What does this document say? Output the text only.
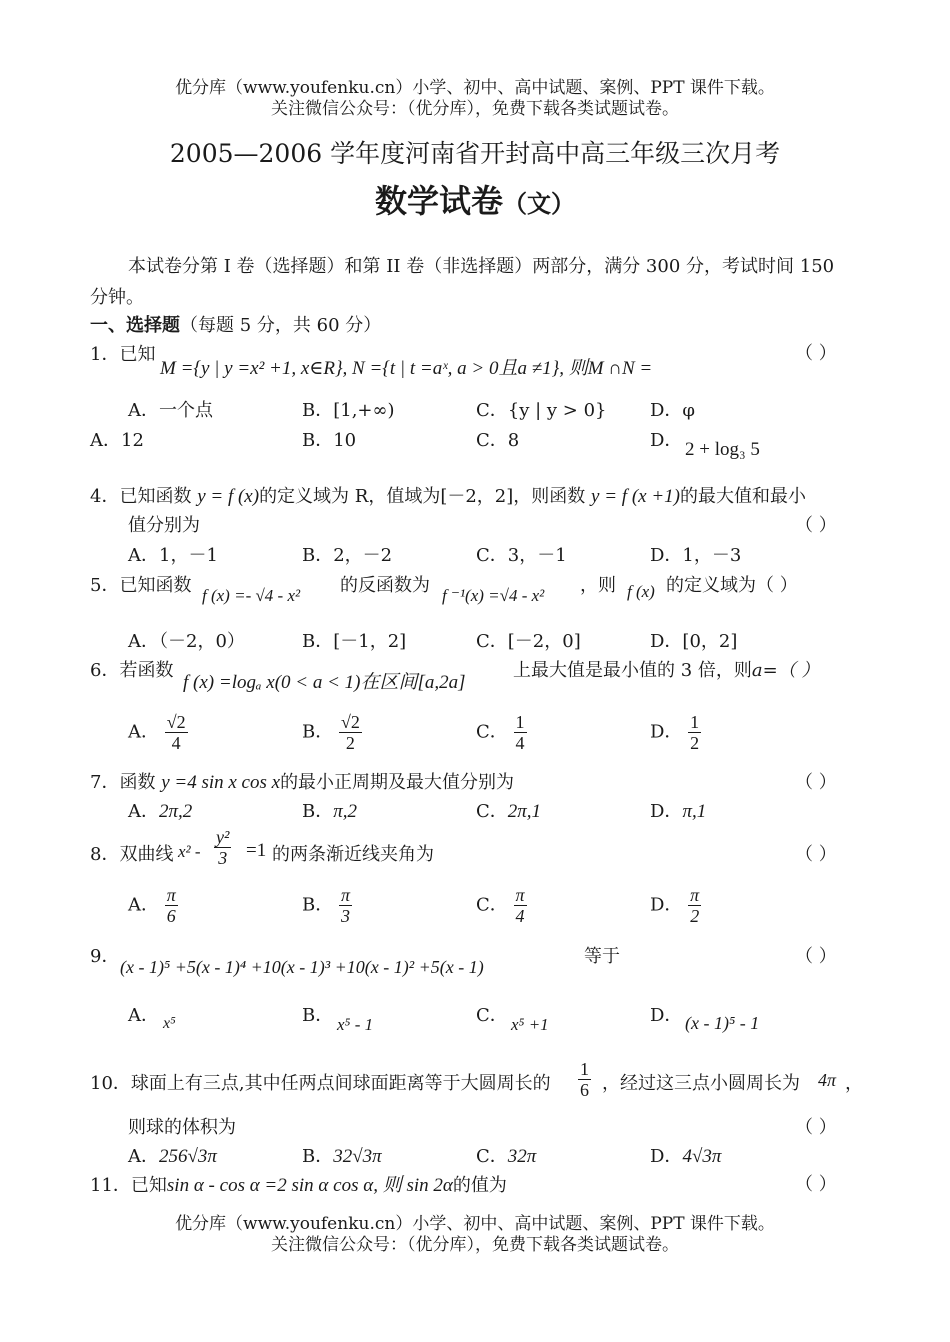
优分库（www.youfenku.cn）小学、初中、高中试题、案例、PPT 课件下载。
关注微信公众号：（优分库），免费下载各类试题试卷。
2005—2006 学年度河南省开封高中高三年级三次月考
数学试卷（文）
本试卷分第 I 卷（选择题）和第 II 卷（非选择题）两部分，满分 300 分，考试时间 150
分钟。
一、选择题（每题 5 分，共 60 分）
1．已知
M ={y | y =x² +1, x∈R}, N ={t | t =aˣ, a > 0且a ≠1}, 则M ∩N =
（ ）
A．一个点	B．[1,+∞)	C．{y | y > 0} D．φ
A．12	B．10	C．8	D． 2 + log₃ 5
4．已知函数 y = f (x)的定义域为 R，值域为[－2，2]，则函数 y = f (x +1)的最大值和最小
值分别为	（ ）
A．1，－1	B．2，－2	C．3，－1	D．1，－3
5．已知函数 f (x) =- √4 - x² 的反函数为 f ⁻¹(x) =√4 - x² ，则 f (x) 的定义域为（ ）
A．（－2，0）	B．[－1，2]	C．[－2，0]	D．[0，2]
6．若函数
f (x) =logₐ x(0 < a < 1)在区间[a,2a]
上最大值是最小值的 3 倍，则a=（ ）
A． $\frac{√2}{4}$	B． $\frac{√2}{2}$	C． $\frac{1}{4}$	D． $\frac{1}{2}$
7．函数 y =4 sin x cos x的最小正周期及最大值分别为	（ ）
A．2π,2	B．π,2	C．2π,1	D．π,1
8．双曲线 $x^2 - \frac{\text{y²}}{3} =1$ 的两条渐近线夹角为	（ ）
A． $\frac{\pi}{6}$	B． $\frac{\pi}{3}$	C． $\frac{\pi}{4}$	D． $\frac{\pi}{2}$
9． (x - 1)⁵ +5(x - 1)⁴ +10(x - 1)³ +10(x - 1)² +5(x - 1)	等于	（ ）
A． x⁵	B． x⁵ - 1	C． x⁵ +1	D． (x - 1)⁵ - 1
10．球面上有三点,其中任两点间球面距离等于大圆周长的 $\frac{1}{6}$ ，经过这三点小圆周长为 4π ，
则球的体积为	（ ）
A．256√3π	B．32√3π	C．32π	D．4√3π
11．已知sin α - cos α =2 sin α cos α, 则 sin 2α的值为	（ ）
优分库（www.youfenku.cn）小学、初中、高中试题、案例、PPT 课件下载。
关注微信公众号：（优分库），免费下载各类试题试卷。
